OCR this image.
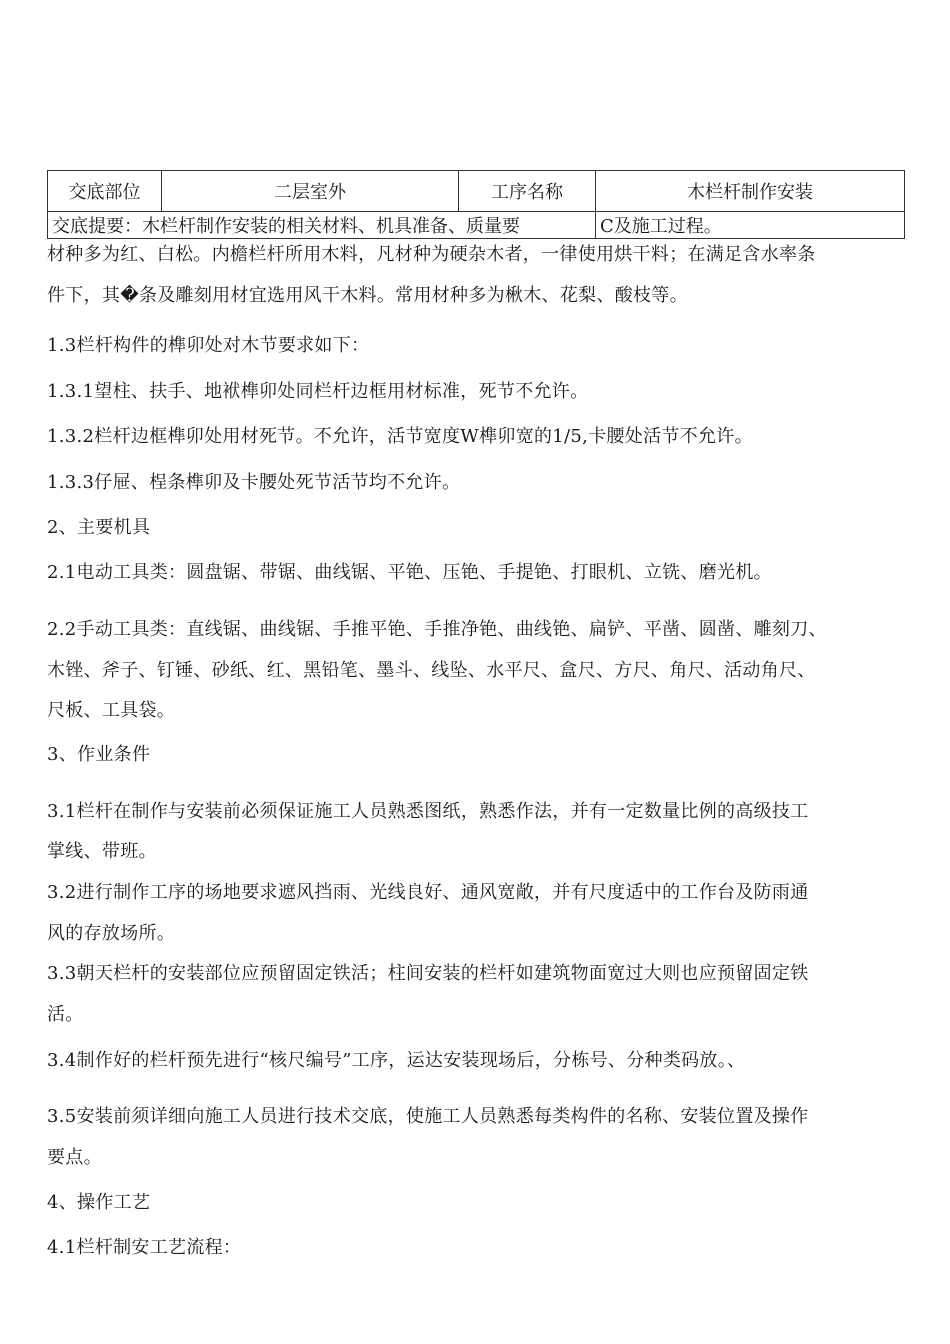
交底部位	二层室外	工序名称	木栏杆制作安装
交底提要：木栏杆制作安装的相关材料、机具准备、质量要			C及施工过程。

材种多为红、白松。内檐栏杆所用木料，凡材种为硬杂木者，一律使用烘干料；在满足含水率条

件下，其�条及雕刻用材宜选用风干木料。常用材种多为楸木、花梨、酸枝等。

1.3栏杆构件的榫卯处对木节要求如下：

1.3.1望柱、扶手、地袱榫卯处同栏杆边框用材标准，死节不允许。

1.3.2栏杆边框榫卯处用材死节。不允许，活节宽度W榫卯宽的1/5,卡腰处活节不允许。

1.3.3仔屉、桯条榫卯及卡腰处死节活节均不允许。

2、主要机具

2.1电动工具类：圆盘锯、带锯、曲线锯、平铯、压铯、手提铯、打眼机、立铣、磨光机。

2.2手动工具类：直线锯、曲线锯、手推平铯、手推净铯、曲线铯、扁铲、平凿、圆凿、雕刻刀、

木锉、斧子、钉锤、砂纸、红、黑铅笔、墨斗、线坠、水平尺、盒尺、方尺、角尺、活动角尺、

尺板、工具袋。

3、作业条件

3.1栏杆在制作与安装前必须保证施工人员熟悉图纸，熟悉作法，并有一定数量比例的高级技工

掌线、带班。

3.2进行制作工序的场地要求遮风挡雨、光线良好、通风宽敞，并有尺度适中的工作台及防雨通

风的存放场所。

3.3朝天栏杆的安装部位应预留固定铁活；柱间安装的栏杆如建筑物面宽过大则也应预留固定铁

活。

3.4制作好的栏杆预先进行“核尺编号”工序，运达安装现场后，分栋号、分种类码放。、

3.5安装前须详细向施工人员进行技术交底，使施工人员熟悉每类构件的名称、安装位置及操作

要点。

4、操作工艺

4.1栏杆制安工艺流程：
